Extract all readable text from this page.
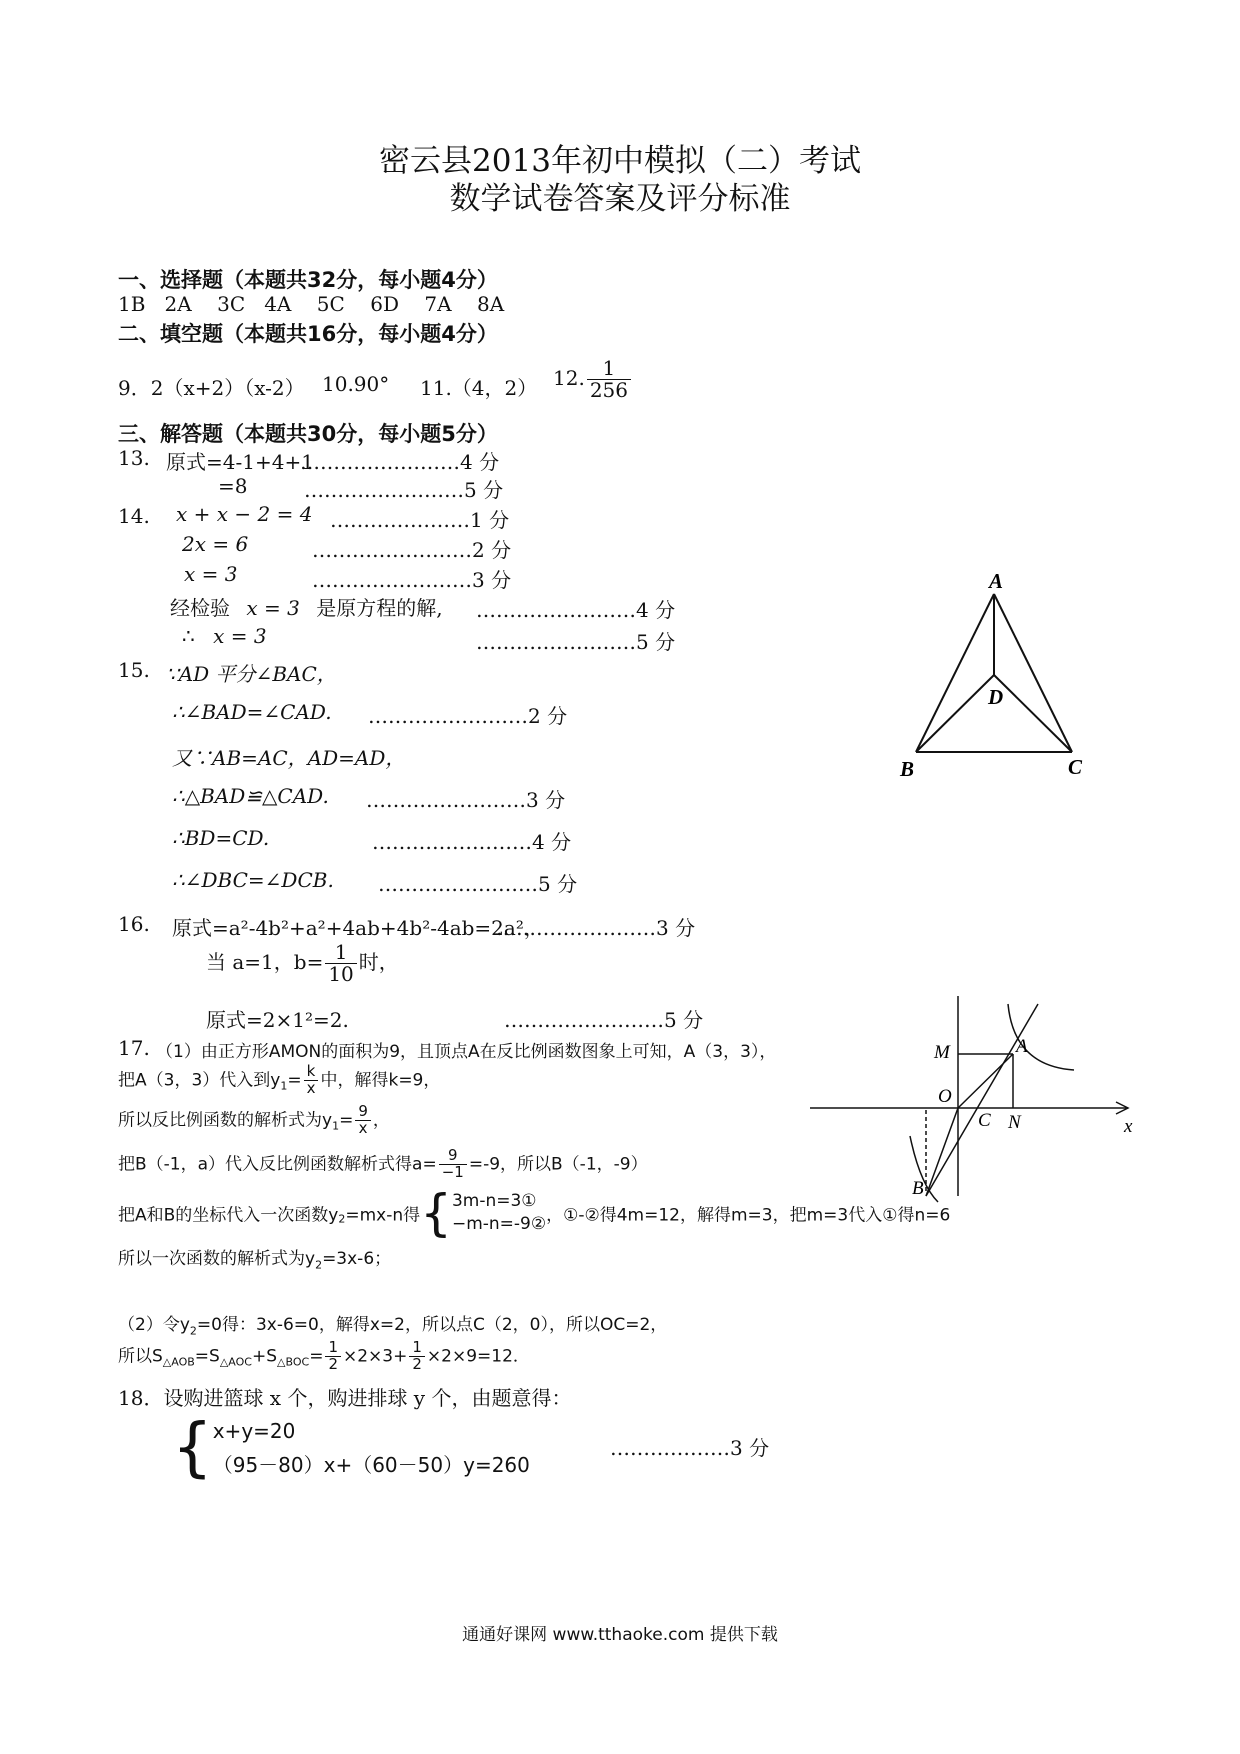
密云县2013年初中模拟（二）考试
数学试卷答案及评分标准
一、选择题（本题共32分，每小题4分）
1B   2A    3C   4A    5C    6D    7A    8A
二、填空题（本题共16分，每小题4分）
9．2（x+2）（x-2） 10.90° 11.（4，2） 12. $\frac{1}{256}$
三、解答题（本题共30分，每小题5分）
13. 原式=4-1+4+1
……………………4 分
=8	……………………5 分
14. x + x − 2 = 4 …………………1 分
2x = 6	……………………2 分
x = 3	……………………3 分
经检验 x = 3 是原方程的解, ……………………4 分
∴ x = 3	……………………5 分
15. ∵AD 平分∠BAC，
∴∠BAD=∠CAD. ……………………2 分
又∵AB=AC，AD=AD，
∴△BAD≌△CAD. ……………………3 分
∴BD=CD.	……………………4 分
∴∠DBC=∠DCB. ……………………5 分
A
B	C
D
16. 原式=a²-4b²+a²+4ab+4b²-4ab=2a²，
……………………3 分
当 a=1，$b= \frac{1}{10}$ 时，
原式=2×1²=2.	……………………5 分
17. （1）由正方形AMON的面积为9，且顶点A在反比例函数图象上可知，A（3，3），
把A（3，3）代入到$y_1= \frac{k}{x}$ 中，解得k=9，
所以反比例函数的解析式为$y_1= \frac{9}{x}$ ，
把B（-1，a）代入反比例函数解析式得$a= \frac{9}{-1} =-9$，所以B（-1，-9）
把A和B的坐标代入一次函数$y_2=mx-n$得{ 3m-n=3①
−m-n=-9② ，①-②得4m=12，解得m=3，把m=3代入①得n=6
所以一次函数的解析式为$y_2=3x-6$；
（2）令$y_2=0$得：3x-6=0，解得x=2，所以点C（2，0），所以OC=2，
所以$S_{\triangle AOB}=S_{\triangle AOC}+S_{\triangle BOC}= \frac{1}{2} \times 2\times 3+ \frac{1}{2} \times 2\times 9=12$．
M	A
O
C N	x
B
18．设购进篮球 x 个，购进排球 y 个，由题意得：
{ x+y=20
（95－80）x+（60－50）y=260
………………3 分
通通好课网 www.tthaoke.com 提供下载
